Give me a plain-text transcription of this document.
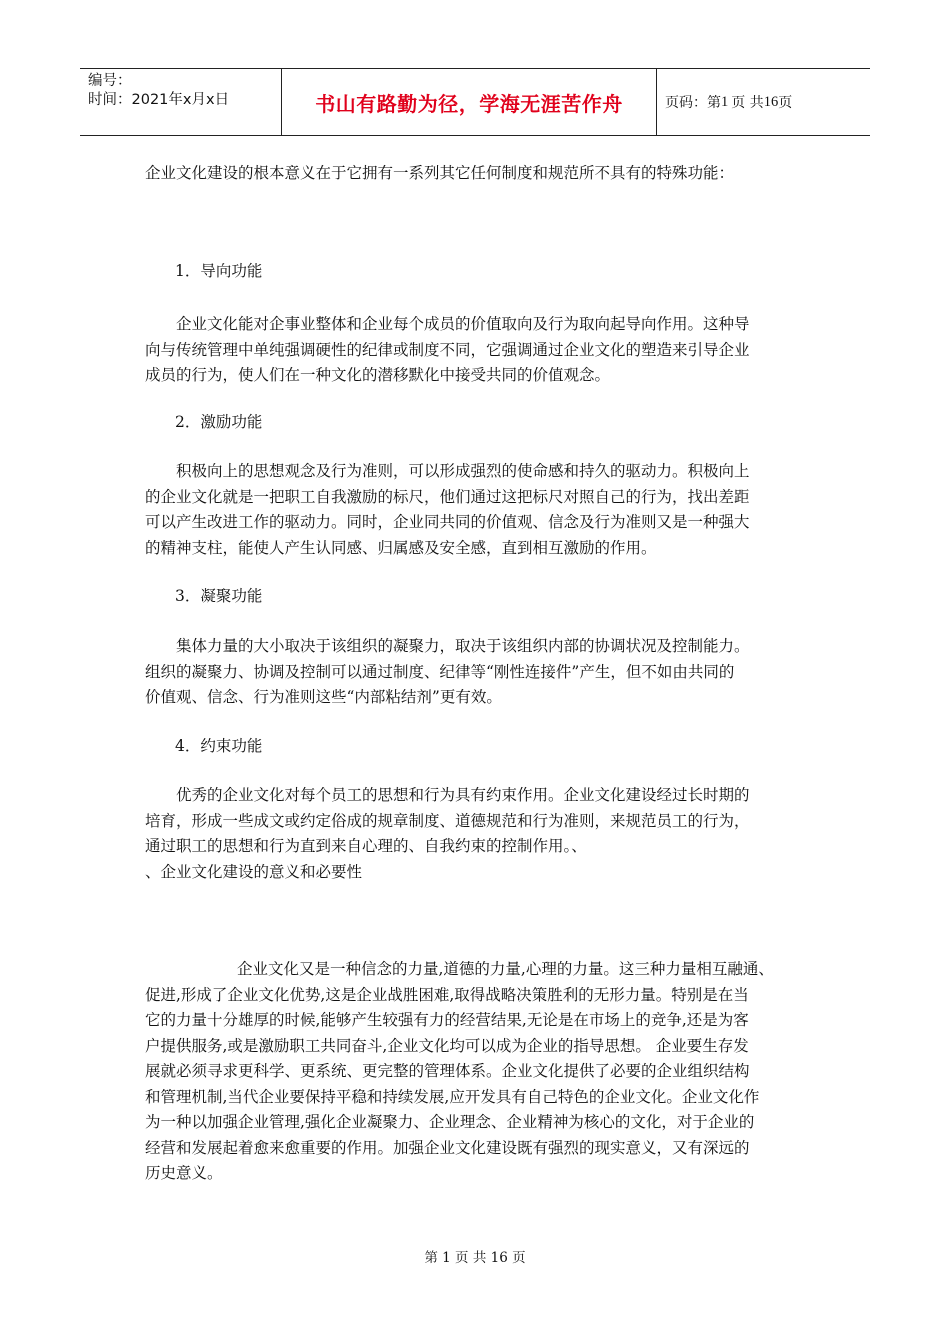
编号：
时间：2021年x月x日	书山有路勤为径，学海无涯苦作舟	页码：第 1 页 共 16 页

企业文化建设的根本意义在于它拥有一系列其它任何制度和规范所不具有的特殊功能：

1．导向功能

企业文化能对企事业整体和企业每个成员的价值取向及行为取向起导向作用。这种导
向与传统管理中单纯强调硬性的纪律或制度不同，它强调通过企业文化的塑造来引导企业
成员的行为，使人们在一种文化的潜移默化中接受共同的价值观念。

2．激励功能

积极向上的思想观念及行为准则，可以形成强烈的使命感和持久的驱动力。积极向上
的企业文化就是一把职工自我激励的标尺，他们通过这把标尺对照自己的行为，找出差距
可以产生改进工作的驱动力。同时，企业同共同的价值观、信念及行为准则又是一种强大
的精神支柱，能使人产生认同感、归属感及安全感，直到相互激励的作用。

3．凝聚功能

集体力量的大小取决于该组织的凝聚力，取决于该组织内部的协调状况及控制能力。
组织的凝聚力、协调及控制可以通过制度、纪律等“刚性连接件”产生，但不如由共同的
价值观、信念、行为准则这些“内部粘结剂”更有效。

4．约束功能

优秀的企业文化对每个员工的思想和行为具有约束作用。企业文化建设经过长时期的
培育，形成一些成文或约定俗成的规章制度、道德规范和行为准则，来规范员工的行为，
通过职工的思想和行为直到来自心理的、自我约束的控制作用。、
、企业文化建设的意义和必要性
企业文化又是一种信念的力量,道德的力量,心理的力量。这三种力量相互融通、
促进,形成了企业文化优势,这是企业战胜困难,取得战略决策胜利的无形力量。特别是在当
它的力量十分雄厚的时候,能够产生较强有力的经营结果,无论是在市场上的竞争,还是为客
户提供服务,或是激励职工共同奋斗,企业文化均可以成为企业的指导思想。 企业要生存发
展就必须寻求更科学、更系统、更完整的管理体系。企业文化提供了必要的企业组织结构
和管理机制,当代企业要保持平稳和持续发展,应开发具有自己特色的企业文化。企业文化作
为一种以加强企业管理,强化企业凝聚力、企业理念、企业精神为核心的文化，对于企业的
经营和发展起着愈来愈重要的作用。加强企业文化建设既有强烈的现实意义，又有深远的
历史意义。
第 1 页 共 16 页
